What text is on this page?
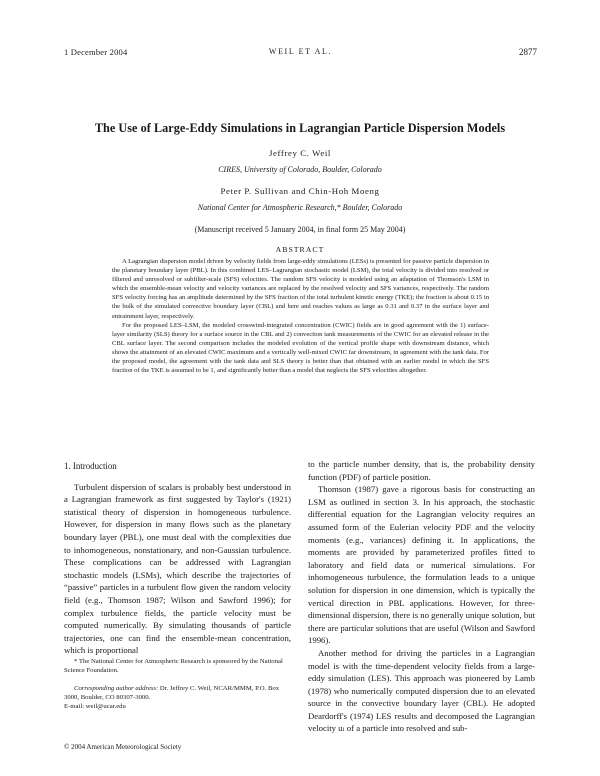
1 December 2004	WEIL ET AL.	2877
The Use of Large-Eddy Simulations in Lagrangian Particle Dispersion Models
Jeffrey C. Weil
CIRES, University of Colorado, Boulder, Colorado
Peter P. Sullivan and Chin-Hoh Moeng
National Center for Atmospheric Research,* Boulder, Colorado
(Manuscript received 5 January 2004, in final form 25 May 2004)
ABSTRACT

A Lagrangian dispersion model driven by velocity fields from large-eddy simulations (LESs) is presented for passive particle dispersion in the planetary boundary layer (PBL). In this combined LES–Lagrangian stochastic model (LSM), the total velocity is divided into resolved or filtered and unresolved or subfilter-scale (SFS) velocities. The random SFS velocity is modeled using an adaptation of Thomson's LSM in which the ensemble-mean velocity and velocity variances are replaced by the resolved velocity and SFS variances, respectively. The random SFS velocity forcing has an amplitude determined by the SFS fraction of the total turbulent kinetic energy (TKE); the fraction is about 0.15 in the bulk of the simulated convective boundary layer (CBL) and here and reaches values as large as 0.31 and 0.37 in the surface layer and entrainment layer, respectively.

For the proposed LES–LSM, the modeled crosswind-integrated concentration (CWIC) fields are in good agreement with the 1) surface-layer similarity (SLS) theory for a surface source in the CBL and 2) convection tank measurements of the CWIC for an elevated release in the CBL surface layer. The second comparison includes the modeled evolution of the vertical profile shape with downstream distance, which shows the attainment of an elevated CWIC maximum and a vertically well-mixed CWIC far downstream, in agreement with the tank data. For the proposed model, the agreement with the tank data and SLS theory is better than that obtained with an earlier model in which the SFS fraction of the TKE is assumed to be 1, and significantly better than a model that neglects the SFS velocities altogether.

1. Introduction

Turbulent dispersion of scalars is probably best understood in a Lagrangian framework as first suggested by Taylor's (1921) statistical theory of dispersion in homogeneous turbulence. However, for dispersion in many flows such as the planetary boundary layer (PBL), one must deal with the complexities due to inhomogeneous, nonstationary, and non-Gaussian turbulence. These complications can be addressed with Lagrangian stochastic models (LSMs), which describe the trajectories of “passive” particles in a turbulent flow given the random velocity field (e.g., Thomson 1987; Wilson and Sawford 1996); for complex turbulence fields, the particle velocity must be computed numerically. By simulating thousands of particle trajectories, one can find the ensemble-mean concentration, which is proportional

* The National Center for Atmospheric Research is sponsored by the National Science Foundation.

Corresponding author address: Dr. Jeffrey C. Weil, NCAR/MMM, P.O. Box 3000, Boulder, CO 80307-3000.

E-mail: weil@ucar.edu

© 2004 American Meteorological Society

to the particle number density, that is, the probability density function (PDF) of particle position.

Thomson (1987) gave a rigorous basis for constructing an LSM as outlined in section 3. In his approach, the stochastic differential equation for the Lagrangian velocity requires an assumed form of the Eulerian velocity PDF and the velocity moments (e.g., variances) defining it. In applications, the moments are provided by parameterized profiles fitted to laboratory and field data or numerical simulations. For inhomogeneous turbulence, the formulation leads to a unique solution for dispersion in one dimension, which is typically the vertical direction in PBL applications. However, for three-dimensional dispersion, there is no generally unique solution, but there are particular solutions that are useful (Wilson and Sawford 1996).

Another method for driving the particles in a Lagrangian model is with the time-dependent velocity fields from a large-eddy simulation (LES). This approach was pioneered by Lamb (1978) who numerically computed dispersion due to an elevated source in the convective boundary layer (CBL). He adopted Deardorff's (1974) LES results and decomposed the Lagrangian velocity uₗ of a particle into resolved and sub-
